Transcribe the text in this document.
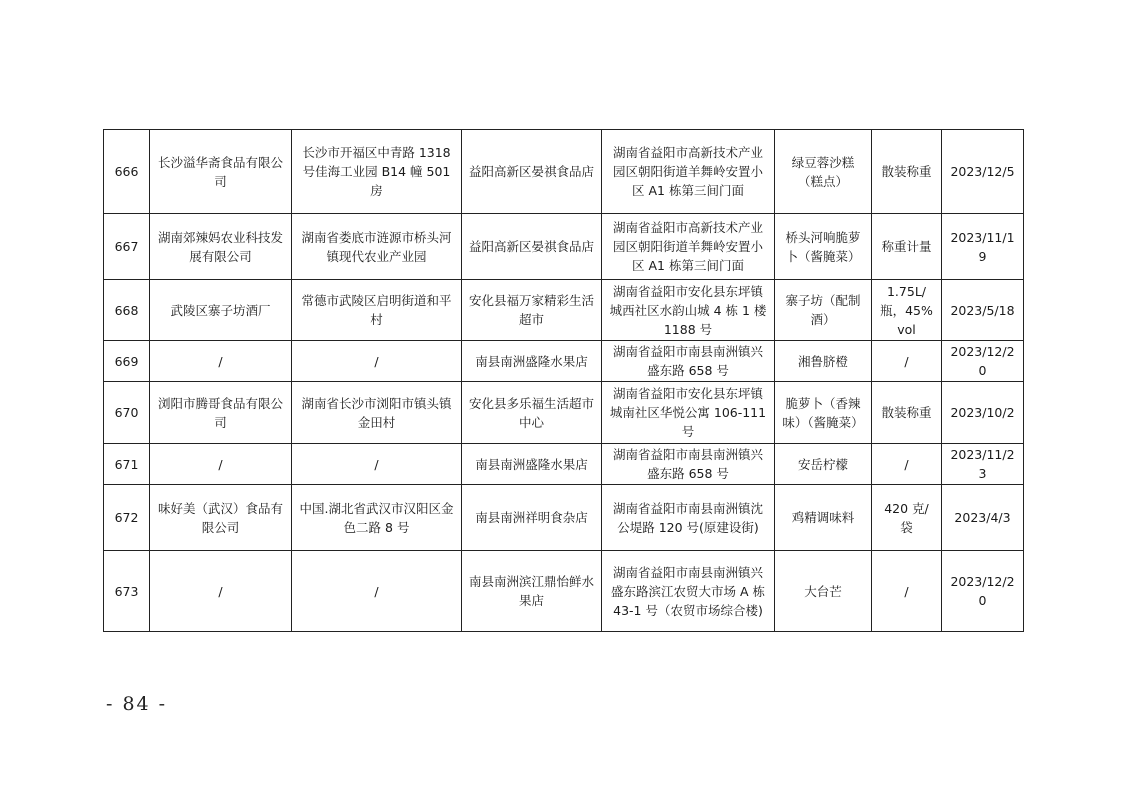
666	长沙溢华斋食品有限公司	长沙市开福区中青路 1318 号佳海工业园 B14 幢 501 房	益阳高新区晏祺食品店	湖南省益阳市高新技术产业园区朝阳街道羊舞岭安置小区 A1 栋第三间门面	绿豆蓉沙糕（糕点）	散装称重	2023/12/5
667	湖南郊辣妈农业科技发展有限公司	湖南省娄底市涟源市桥头河镇现代农业产业园	益阳高新区晏祺食品店	湖南省益阳市高新技术产业园区朝阳街道羊舞岭安置小区 A1 栋第三间门面	桥头河响脆萝卜（酱腌菜）	称重计量	2023/11/19
668	武陵区寨子坊酒厂	常德市武陵区启明街道和平村	安化县福万家精彩生活超市	湖南省益阳市安化县东坪镇城西社区水韵山城 4 栋 1 楼 1188 号	寨子坊（配制酒）	1.75L/瓶，45%vol	2023/5/18
669	/	/	南县南洲盛隆水果店	湖南省益阳市南县南洲镇兴盛东路 658 号	湘鲁脐橙	/	2023/12/20
670	浏阳市腾哥食品有限公司	湖南省长沙市浏阳市镇头镇金田村	安化县多乐福生活超市中心	湖南省益阳市安化县东坪镇城南社区华悦公寓 106-111 号	脆萝卜（香辣味）（酱腌菜）	散装称重	2023/10/2
671	/	/	南县南洲盛隆水果店	湖南省益阳市南县南洲镇兴盛东路 658 号	安岳柠檬	/	2023/11/23
672	味好美（武汉）食品有限公司	中国.湖北省武汉市汉阳区金色二路 8 号	南县南洲祥明食杂店	湖南省益阳市南县南洲镇沈公堤路 120 号(原建设街)	鸡精调味料	420 克/袋	2023/4/3
673	/	/	南县南洲滨江鼎怡鲜水果店	湖南省益阳市南县南洲镇兴盛东路滨江农贸大市场 A 栋 43-1 号（农贸市场综合楼)	大台芒	/	2023/12/20
- 84 -
